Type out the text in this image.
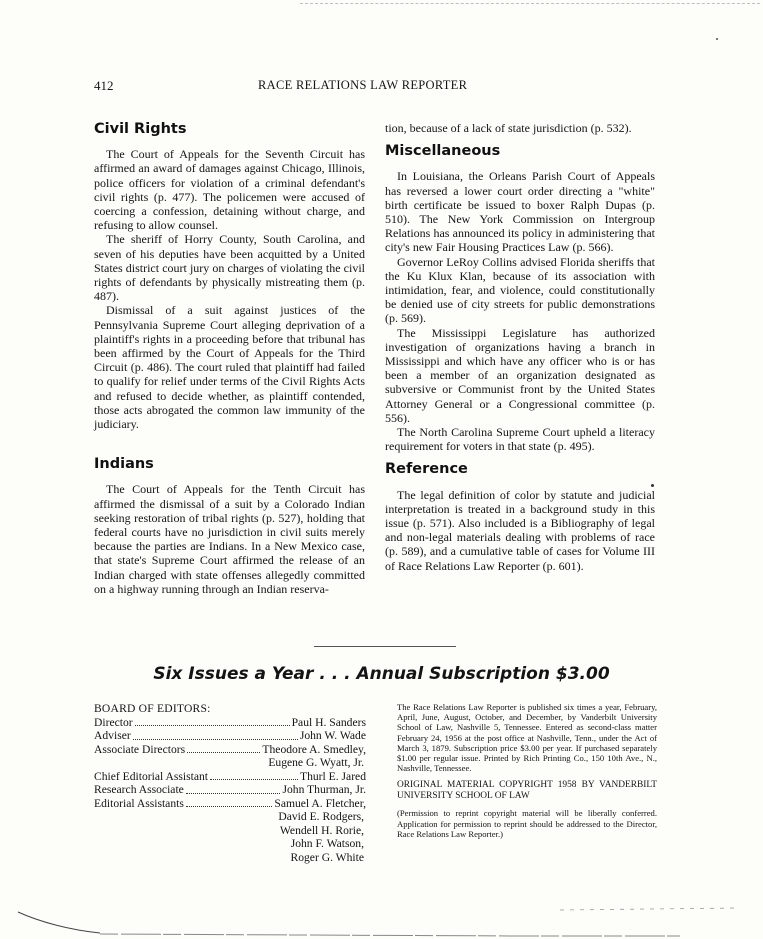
412	RACE RELATIONS LAW REPORTER
Civil Rights

The Court of Appeals for the Seventh Circuit has affirmed an award of damages against Chicago, Illinois, police officers for violation of a criminal defendant's civil rights (p. 477). The policemen were accused of coercing a confession, detaining without charge, and refusing to allow counsel.

The sheriff of Horry County, South Carolina, and seven of his deputies have been acquitted by a United States district court jury on charges of violating the civil rights of defendants by physically mistreating them (p. 487).

Dismissal of a suit against justices of the Pennsylvania Supreme Court alleging deprivation of a plaintiff's rights in a proceeding before that tribunal has been affirmed by the Court of Appeals for the Third Circuit (p. 486). The court ruled that plaintiff had failed to qualify for relief under terms of the Civil Rights Acts and refused to decide whether, as plaintiff contended, those acts abrogated the common law immunity of the judiciary.

Indians

The Court of Appeals for the Tenth Circuit has affirmed the dismissal of a suit by a Colorado Indian seeking restoration of tribal rights (p. 527), holding that federal courts have no jurisdiction in civil suits merely because the parties are Indians. In a New Mexico case, that state's Supreme Court affirmed the release of an Indian charged with state offenses allegedly committed on a highway running through an Indian reserva-

tion, because of a lack of state jurisdiction (p. 532).

Miscellaneous

In Louisiana, the Orleans Parish Court of Appeals has reversed a lower court order directing a "white" birth certificate be issued to boxer Ralph Dupas (p. 510). The New York Commission on Intergroup Relations has announced its policy in administering that city's new Fair Housing Practices Law (p. 566).

Governor LeRoy Collins advised Florida sheriffs that the Ku Klux Klan, because of its association with intimidation, fear, and violence, could constitutionally be denied use of city streets for public demonstrations (p. 569).

The Mississippi Legislature has authorized investigation of organizations having a branch in Mississippi and which have any officer who is or has been a member of an organization designated as subversive or Communist front by the United States Attorney General or a Congressional committee (p. 556).

The North Carolina Supreme Court upheld a literacy requirement for voters in that state (p. 495).

Reference

The legal definition of color by statute and judicial interpretation is treated in a background study in this issue (p. 571). Also included is a Bibliography of legal and non-legal materials dealing with problems of race (p. 589), and a cumulative table of cases for Volume III of Race Relations Law Reporter (p. 601).

Six Issues a Year . . . Annual Subscription $3.00
BOARD OF EDITORS:
Director	Paul H. Sanders
Adviser	John W. Wade
Associate Directors	Theodore A. Smedley,
Eugene G. Wyatt, Jr.
Chief Editorial Assistant	Thurl E. Jared
Research Associate	John Thurman, Jr.
Editorial Assistants	Samuel A. Fletcher,
David E. Rodgers,
Wendell H. Rorie,
John F. Watson,
Roger G. White

The Race Relations Law Reporter is published six times a year, February, April, June, August, October, and December, by Vanderbilt University School of Law, Nashville 5, Tennessee. Entered as second-class matter February 24, 1956 at the post office at Nashville, Tenn., under the Act of March 3, 1879. Subscription price $3.00 per year. If purchased separately $1.00 per regular issue. Printed by Rich Printing Co., 150 10th Ave., N., Nashville, Tennessee.

ORIGINAL MATERIAL COPYRIGHT 1958 BY VANDERBILT UNIVERSITY SCHOOL OF LAW

(Permission to reprint copyright material will be liberally conferred. Application for permission to reprint should be addressed to the Director, Race Relations Law Reporter.)
